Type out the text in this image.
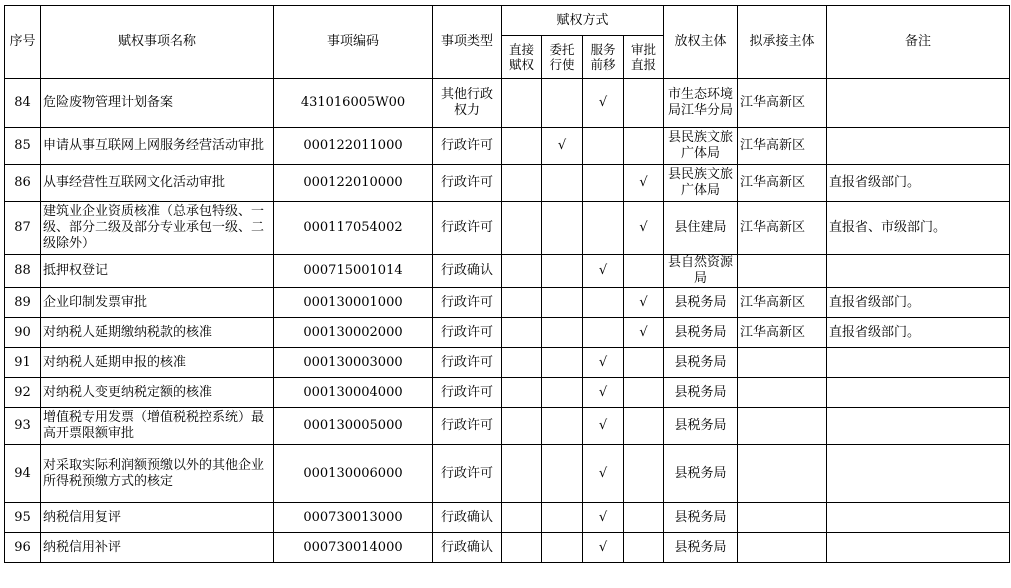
序号	赋权事项名称	事项编码	事项类型	赋权方式				放权主体	拟承接主体	备注
				直接赋权	委托行使	服务前移	审批直报			
84	危险废物管理计划备案	431016005W00	其他行政权力			√		市生态环境局江华分局	江华高新区	
85	申请从事互联网上网服务经营活动审批	000122011000	行政许可		√			县民族文旅广体局	江华高新区	
86	从事经营性互联网文化活动审批	000122010000	行政许可				√	县民族文旅广体局	江华高新区	直报省级部门。
87	建筑业企业资质核准（总承包特级、一级、部分二级及部分专业承包一级、二级除外）	000117054002	行政许可				√	县住建局	江华高新区	直报省、市级部门。
88	抵押权登记	000715001014	行政确认			√		县自然资源局		
89	企业印制发票审批	000130001000	行政许可				√	县税务局	江华高新区	直报省级部门。
90	对纳税人延期缴纳税款的核准	000130002000	行政许可				√	县税务局	江华高新区	直报省级部门。
91	对纳税人延期申报的核准	000130003000	行政许可			√		县税务局		
92	对纳税人变更纳税定额的核准	000130004000	行政许可			√		县税务局		
93	增值税专用发票（增值税税控系统）最高开票限额审批	000130005000	行政许可			√		县税务局		
94	对采取实际利润额预缴以外的其他企业所得税预缴方式的核定	000130006000	行政许可			√		县税务局		
95	纳税信用复评	000730013000	行政确认			√		县税务局		
96	纳税信用补评	000730014000	行政确认			√		县税务局		
